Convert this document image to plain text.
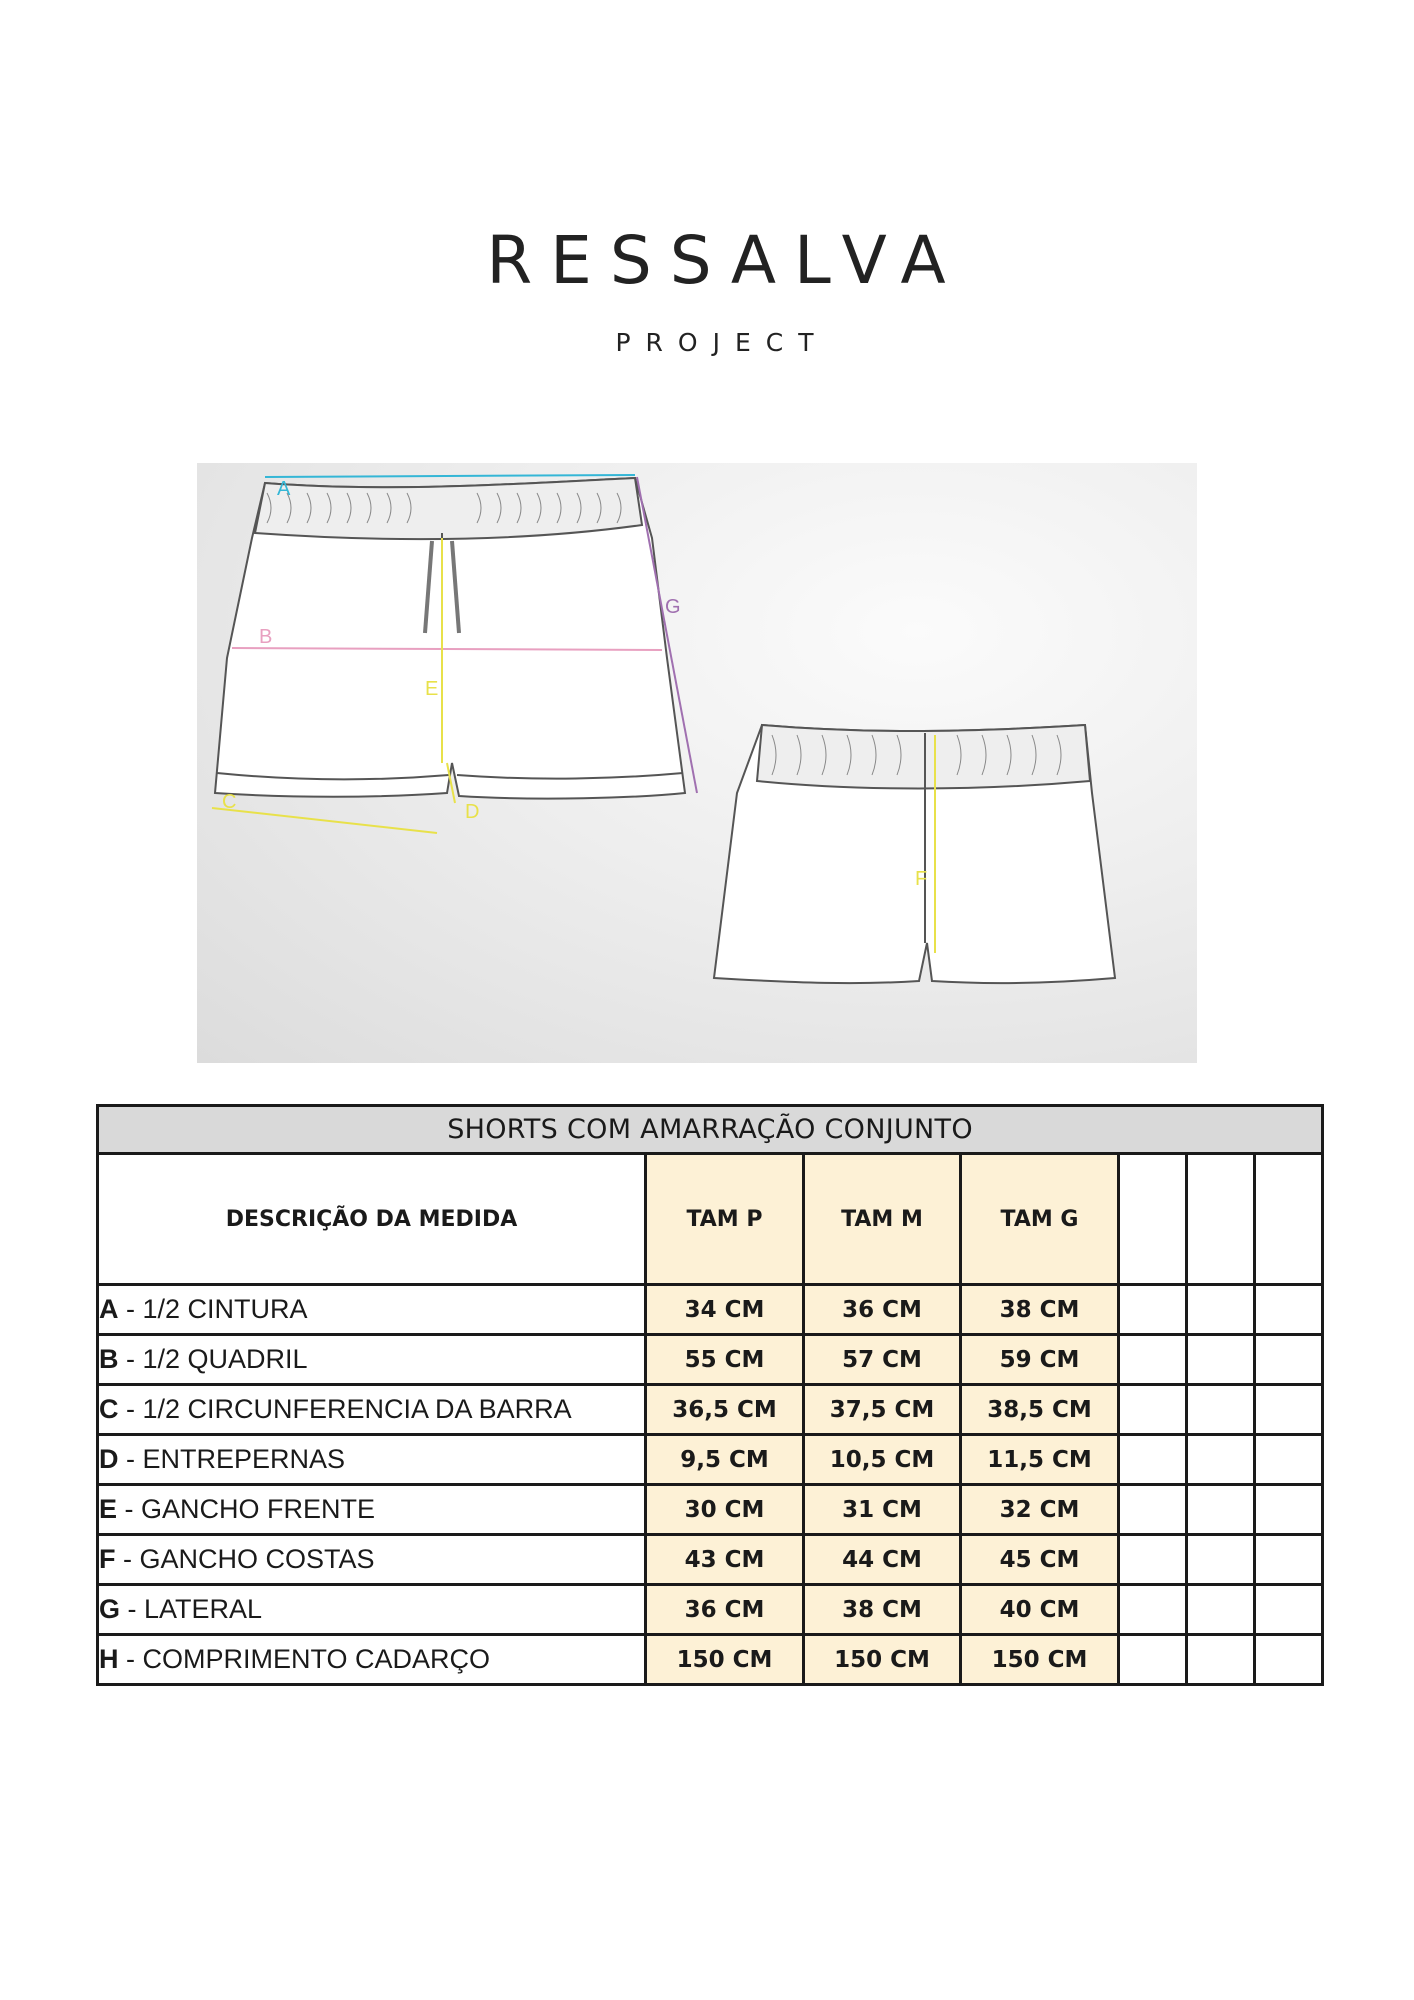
RESSALVA
PROJECT
A
B
C	D
E
G
F
SHORTS COM AMARRAÇÃO CONJUNTO						
DESCRIÇÃO DA MEDIDA	TAM P	TAM M	TAM G			
A - 1/2 CINTURA	34 CM	36 CM	38 CM			
B - 1/2 QUADRIL	55 CM	57 CM	59 CM			
C - 1/2 CIRCUNFERENCIA DA BARRA	36,5 CM	37,5 CM	38,5 CM			
D - ENTREPERNAS	9,5 CM	10,5 CM	11,5 CM			
E - GANCHO FRENTE	30 CM	31 CM	32 CM			
F - GANCHO COSTAS	43 CM	44 CM	45 CM			
G - LATERAL	36 CM	38 CM	40 CM			
H - COMPRIMENTO CADARÇO	150 CM	150 CM	150 CM			
